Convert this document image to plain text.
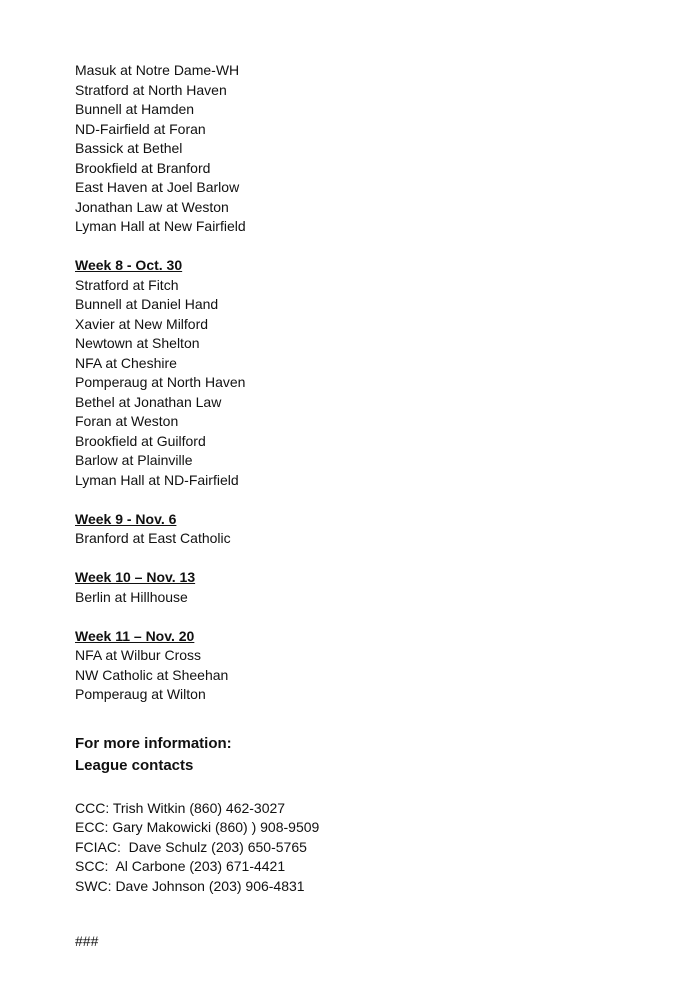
Masuk at Notre Dame-WH
Stratford at North Haven
Bunnell at Hamden
ND-Fairfield at Foran
Bassick at Bethel
Brookfield at Branford
East Haven at Joel Barlow
Jonathan Law at Weston
Lyman Hall at New Fairfield
Week 8 - Oct. 30
Stratford at Fitch
Bunnell at Daniel Hand
Xavier at New Milford
Newtown at Shelton
NFA at Cheshire
Pomperaug at North Haven
Bethel at Jonathan Law
Foran at Weston
Brookfield at Guilford
Barlow at Plainville
Lyman Hall at ND-Fairfield
Week 9 - Nov. 6
Branford at East Catholic
Week 10 – Nov. 13
Berlin at Hillhouse
Week 11 – Nov. 20
NFA at Wilbur Cross
NW Catholic at Sheehan
Pomperaug at Wilton
For more information:
League contacts
CCC: Trish Witkin (860) 462-3027
ECC: Gary Makowicki (860) ) 908-9509
FCIAC:  Dave Schulz (203) 650-5765
SCC:  Al Carbone (203) 671-4421
SWC: Dave Johnson (203) 906-4831
###
